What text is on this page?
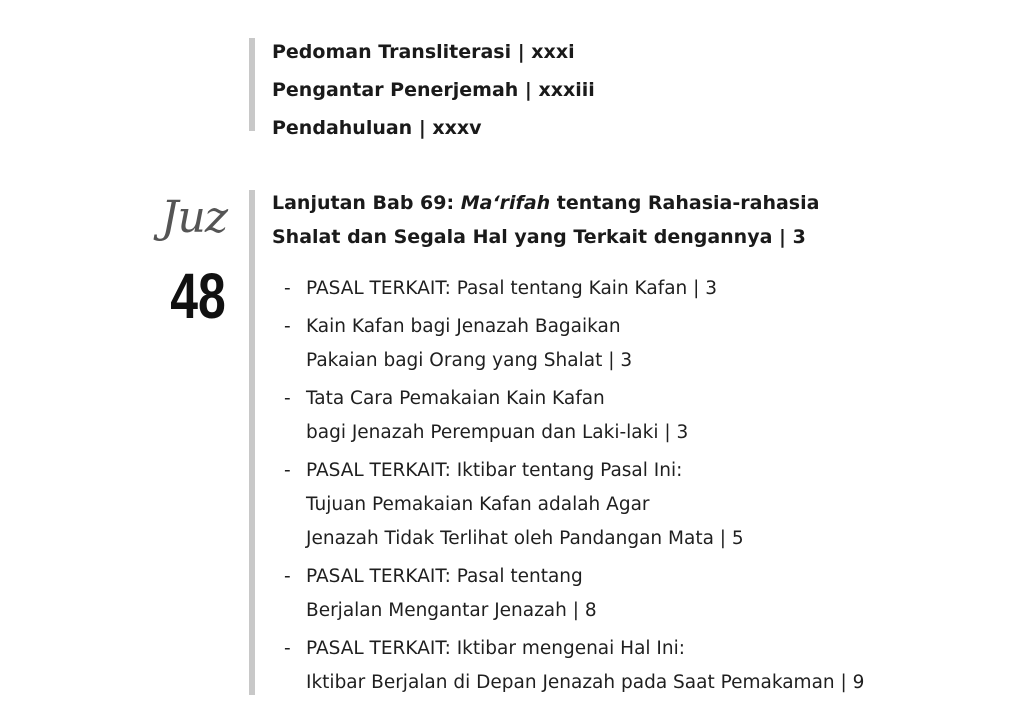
Pedoman Transliterasi | xxxi
Pengantar Penerjemah | xxxiii
Pendahuluan | xxxv
Juz
48
Lanjutan Bab 69: Ma‘rifah tentang Rahasia-rahasia
Shalat dan Segala Hal yang Terkait dengannya | 3
- PASAL TERKAIT: Pasal tentang Kain Kafan | 3
- Kain Kafan bagi Jenazah Bagaikan
Pakaian bagi Orang yang Shalat | 3
- Tata Cara Pemakaian Kain Kafan
bagi Jenazah Perempuan dan Laki-laki | 3
- PASAL TERKAIT: Iktibar tentang Pasal Ini:
Tujuan Pemakaian Kafan adalah Agar
Jenazah Tidak Terlihat oleh Pandangan Mata | 5
- PASAL TERKAIT: Pasal tentang
Berjalan Mengantar Jenazah | 8
- PASAL TERKAIT: Iktibar mengenai Hal Ini:
Iktibar Berjalan di Depan Jenazah pada Saat Pemakaman | 9
